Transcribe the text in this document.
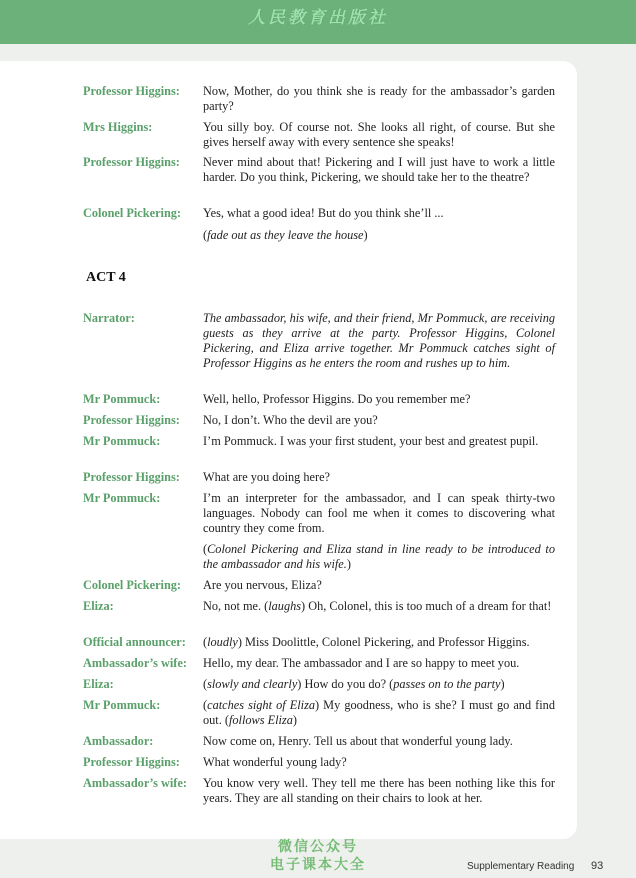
人民教育出版社
Professor Higgins:	Now, Mother, do you think she is ready for the ambassador’s garden party?
Mrs Higgins:	You silly boy. Of course not. She looks all right, of course. But she gives herself away with every sentence she speaks!
Professor Higgins:	Never mind about that! Pickering and I will just have to work a little harder. Do you think, Pickering, we should take her to the theatre?
Colonel Pickering:	Yes, what a good idea! But do you think she’ll ...
(fade out as they leave the house)
Narrator:	The ambassador, his wife, and their friend, Mr Pommuck, are receiving guests as they arrive at the party. Professor Higgins, Colonel Pickering, and Eliza arrive together. Mr Pommuck catches sight of Professor Higgins as he enters the room and rushes up to him.
Mr Pommuck:	Well, hello, Professor Higgins. Do you remember me?
Professor Higgins:	No, I don’t. Who the devil are you?
Mr Pommuck:	I’m Pommuck. I was your first student, your best and greatest pupil.
Professor Higgins:	What are you doing here?
Mr Pommuck:	I’m an interpreter for the ambassador, and I can speak thirty-two languages. Nobody can fool me when it comes to discovering what country they come from.
(Colonel Pickering and Eliza stand in line ready to be introduced to the ambassador and his wife.)
Colonel Pickering:	Are you nervous, Eliza?
Eliza:	No, not me. (laughs) Oh, Colonel, this is too much of a dream for that!
Official announcer:	(loudly) Miss Doolittle, Colonel Pickering, and Professor Higgins.
Ambassador’s wife:	Hello, my dear. The ambassador and I are so happy to meet you.
Eliza:	(slowly and clearly) How do you do? (passes on to the party)
Mr Pommuck:	(catches sight of Eliza) My goodness, who is she? I must go and find out. (follows Eliza)
Ambassador:	Now come on, Henry. Tell us about that wonderful young lady.
Professor Higgins:	What wonderful young lady?
Ambassador’s wife:	You know very well. They tell me there has been nothing like this for years. They are all standing on their chairs to look at her.
ACT 4
微信公众号
电子课本大全	Supplementary Reading 93
